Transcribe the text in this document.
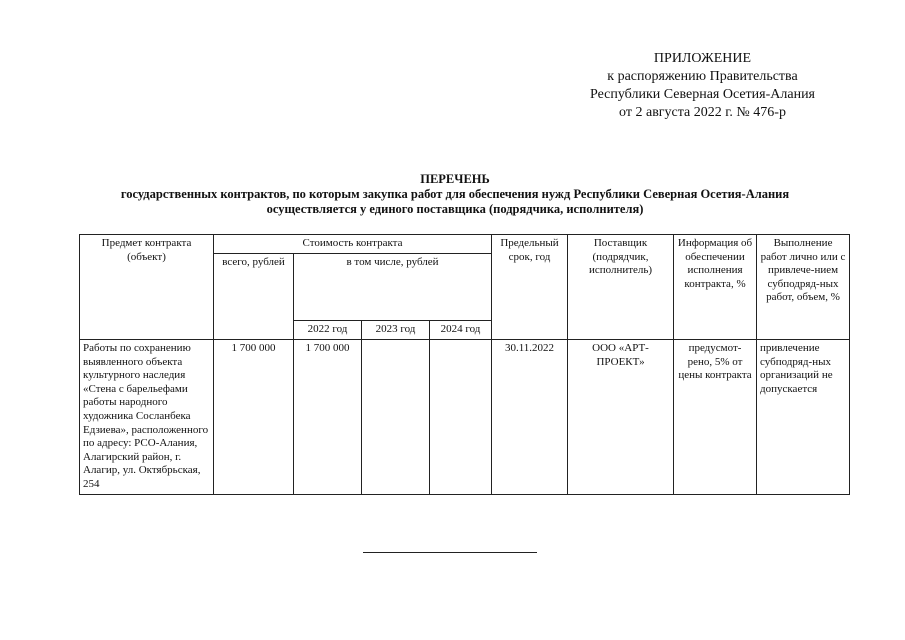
ПРИЛОЖЕНИЕ
к распоряжению Правительства
Республики Северная Осетия-Алания
от 2 августа 2022 г. № 476-р
ПЕРЕЧЕНЬ
государственных контрактов, по которым закупка работ для обеспечения нужд Республики Северная Осетия-Алания
осуществляется у единого поставщика (подрядчика, исполнителя)
Предмет контракта (объект)	Стоимость контракта				Предельный срок, год	Поставщик (подрядчик, исполнитель)	Информация об обеспечении исполнения контракта, %	Выполнение работ лично или с привлече-нием субподряд-ных работ, объем, %
	всего, рублей	в том числе, рублей						
		2022 год	2023 год	2024 год				
Работы по сохранению выявленного объекта культурного наследия «Стена с барельефами работы народного художника Сосланбека Едзиева», расположенного по адресу: РСО-Алания, Алагирский район, г. Алагир, ул. Октябрьская, 254	1 700 000	1 700 000			30.11.2022	ООО «АРТ-ПРОЕКТ»	предусмот-рено, 5% от цены контракта	привлечение субподряд-ных организаций не допускается
